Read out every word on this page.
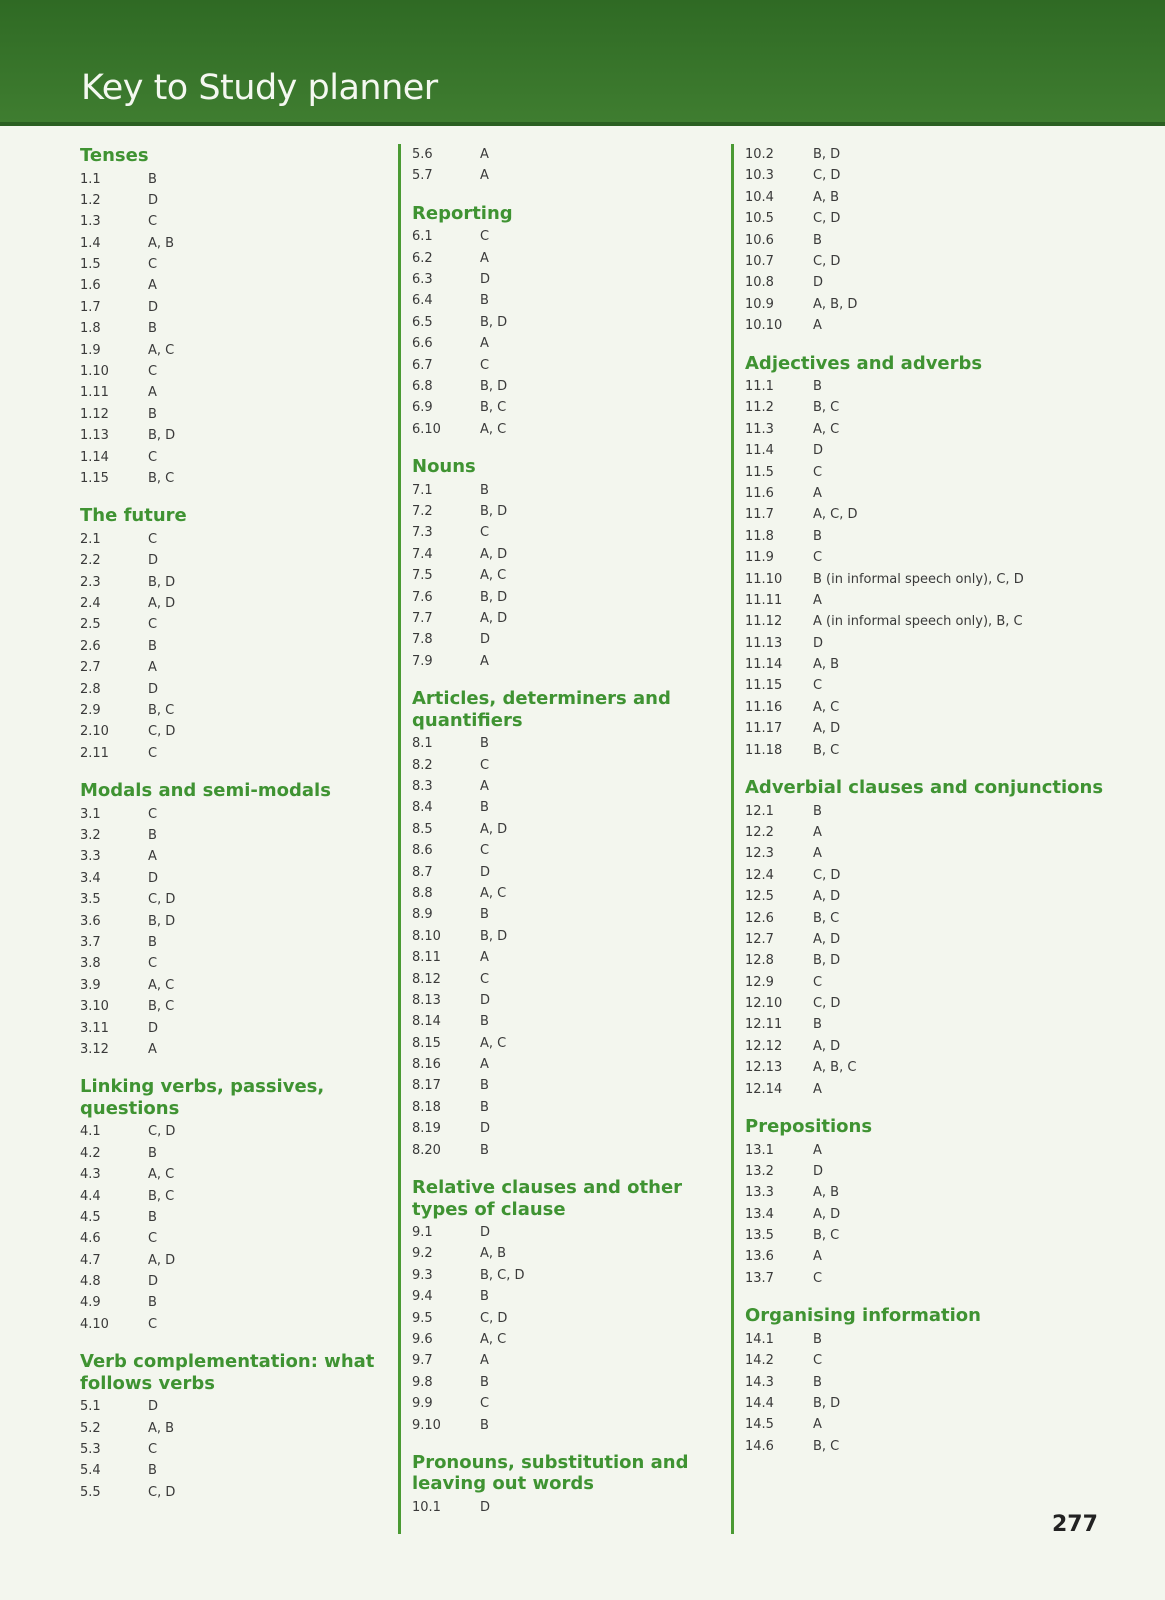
Key to Study planner
Tenses
1.1	B
1.2	D
1.3	C
1.4	A, B
1.5	C
1.6	A
1.7	D
1.8	B
1.9	A, C
1.10	C
1.11	A
1.12	B
1.13	B, D
1.14	C
1.15	B, C
The future
2.1	C
2.2	D
2.3	B, D
2.4	A, D
2.5	C
2.6	B
2.7	A
2.8	D
2.9	B, C
2.10	C, D
2.11	C
Modals and semi-modals
3.1	C
3.2	B
3.3	A
3.4	D
3.5	C, D
3.6	B, D
3.7	B
3.8	C
3.9	A, C
3.10	B, C
3.11	D
3.12	A
Linking verbs, passives, questions
4.1	C, D
4.2	B
4.3	A, C
4.4	B, C
4.5	B
4.6	C
4.7	A, D
4.8	D
4.9	B
4.10	C
Verb complementation: what follows verbs
5.1	D
5.2	A, B
5.3	C
5.4	B
5.5	C, D
5.6	A
5.7	A
Reporting
6.1	C
6.2	A
6.3	D
6.4	B
6.5	B, D
6.6	A
6.7	C
6.8	B, D
6.9	B, C
6.10	A, C
Nouns
7.1	B
7.2	B, D
7.3	C
7.4	A, D
7.5	A, C
7.6	B, D
7.7	A, D
7.8	D
7.9	A
Articles, determiners and quantifiers
8.1	B
8.2	C
8.3	A
8.4	B
8.5	A, D
8.6	C
8.7	D
8.8	A, C
8.9	B
8.10	B, D
8.11	A
8.12	C
8.13	D
8.14	B
8.15	A, C
8.16	A
8.17	B
8.18	B
8.19	D
8.20	B
Relative clauses and other types of clause
9.1	D
9.2	A, B
9.3	B, C, D
9.4	B
9.5	C, D
9.6	A, C
9.7	A
9.8	B
9.9	C
9.10	B
Pronouns, substitution and leaving out words
10.1	D
10.2	B, D
10.3	C, D
10.4	A, B
10.5	C, D
10.6	B
10.7	C, D
10.8	D
10.9	A, B, D
10.10	A
Adjectives and adverbs
11.1	B
11.2	B, C
11.3	A, C
11.4	D
11.5	C
11.6	A
11.7	A, C, D
11.8	B
11.9	C
11.10	B (in informal speech only), C, D
11.11	A
11.12	A (in informal speech only), B, C
11.13	D
11.14	A, B
11.15	C
11.16	A, C
11.17	A, D
11.18	B, C
Adverbial clauses and conjunctions
12.1	B
12.2	A
12.3	A
12.4	C, D
12.5	A, D
12.6	B, C
12.7	A, D
12.8	B, D
12.9	C
12.10	C, D
12.11	B
12.12	A, D
12.13	A, B, C
12.14	A
Prepositions
13.1	A
13.2	D
13.3	A, B
13.4	A, D
13.5	B, C
13.6	A
13.7	C
Organising information
14.1	B
14.2	C
14.3	B
14.4	B, D
14.5	A
14.6	B, C
277
